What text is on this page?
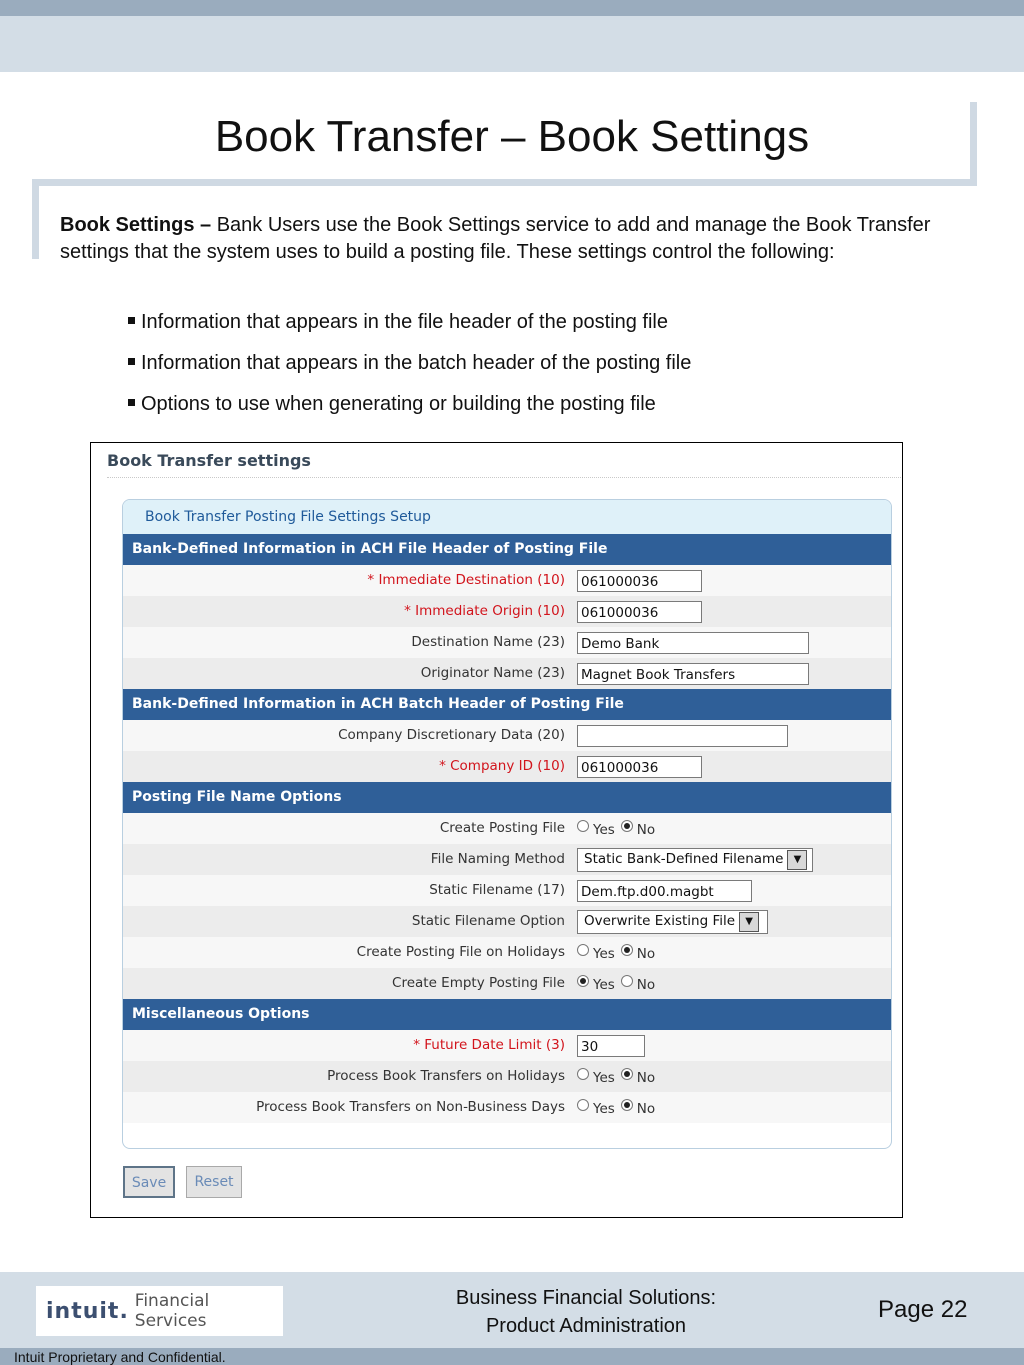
Book Transfer – Book Settings
Book Settings – Bank Users use the Book Settings service to add and manage the Book Transfer settings that the system uses to build a posting file. These settings control the following:
Information that appears in the file header of the posting file
Information that appears in the batch header of the posting file
Options to use when generating or building the posting file
Book Transfer settings
Book Transfer Posting File Settings Setup
Bank-Defined Information in ACH File Header of Posting File
* Immediate Destination (10) 061000036
* Immediate Origin (10) 061000036
Destination Name (23) Demo Bank
Originator Name (23) Magnet Book Transfers
Bank-Defined Information in ACH Batch Header of Posting File
Company Discretionary Data (20)
* Company ID (10) 061000036
Posting File Name Options
Create Posting File Yes No
File Naming Method Static Bank-Defined Filename	▼
Static Filename (17) Dem.ftp.d00.magbt
Static Filename Option Overwrite Existing File	▼
Create Posting File on Holidays Yes No
Create Empty Posting File Yes No
Miscellaneous Options
* Future Date Limit (3) 30
Process Book Transfers on Holidays Yes No
Process Book Transfers on Non-Business Days Yes No
Save	Reset
intuit. Financial Services
Business Financial Solutions:
Product Administration
Page 22
Intuit Proprietary and Confidential.
